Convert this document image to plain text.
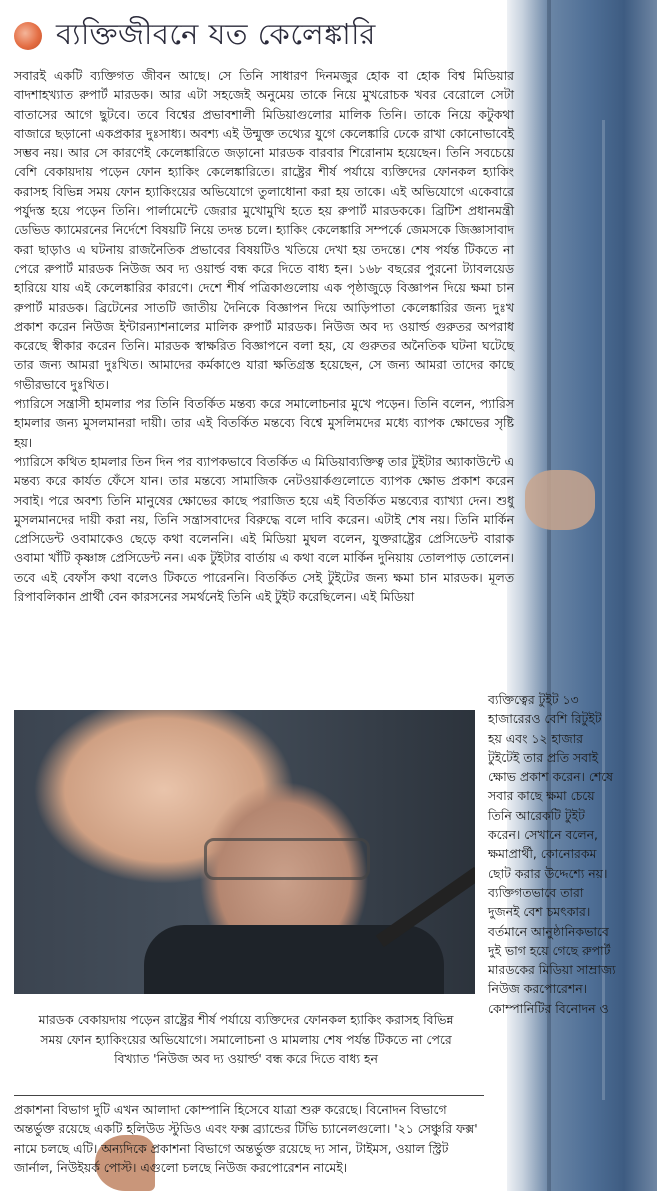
ব্যক্তিজীবনে যত কেলেঙ্কারি

সবারই একটি ব্যক্তিগত জীবন আছে। সে তিনি সাধারণ দিনমজুর হোক বা হোক বিশ্ব মিডিয়ার বাদশাহখ্যাত রুপার্ট মারডক। আর এটা সহজেই অনুমেয় তাকে নিয়ে মুখরোচক খবর বেরোলে সেটা বাতাসের আগে ছুটবে। তবে বিশ্বের প্রভাবশালী মিডিয়াগুলোর মালিক তিনি। তাকে নিয়ে কটুকথা বাজারে ছড়ানো একপ্রকার দুঃসাধ্য। অবশ্য এই উন্মুক্ত তথ্যের যুগে কেলেঙ্কারি ঢেকে রাখা কোনোভাবেই সম্ভব নয়। আর সে কারণেই কেলেঙ্কারিতে জড়ানো মারডক বারবার শিরোনাম হয়েছেন। তিনি সবচেয়ে বেশি বেকায়দায় পড়েন ফোন হ্যাকিং কেলেঙ্কারিতে। রাষ্ট্রের শীর্ষ পর্যায়ে ব্যক্তিদের ফোনকল হ্যাকিং করাসহ বিভিন্ন সময় ফোন হ্যাকিংয়ের অভিযোগে তুলাধোনা করা হয় তাকে। এই অভিযোগে একেবারে পর্যুদস্ত হয়ে পড়েন তিনি। পার্লামেন্টে জেরার মুখোমুখি হতে হয় রুপার্ট মারডককে। ব্রিটিশ প্রধানমন্ত্রী ডেভিড ক্যামেরনের নির্দেশে বিষয়টি নিয়ে তদন্ত চলে। হ্যাকিং কেলেঙ্কারি সম্পর্কে জেমসকে জিজ্ঞাসাবাদ করা ছাড়াও এ ঘটনায় রাজনৈতিক প্রভাবের বিষয়টিও খতিয়ে দেখা হয় তদন্তে। শেষ পর্যন্ত টিকতে না পেরে রুপার্ট মারডক নিউজ অব দ্য ওয়ার্ল্ড বন্ধ করে দিতে বাধ্য হন। ১৬৮ বছরের পুরনো ট্যাবলয়েড হারিয়ে যায় এই কেলেঙ্কারির কারণে। দেশে শীর্ষ পত্রিকাগুলোয় এক পৃষ্ঠাজুড়ে বিজ্ঞাপন দিয়ে ক্ষমা চান রুপার্ট মারডক। ব্রিটেনের সাতটি জাতীয় দৈনিকে বিজ্ঞাপন দিয়ে আড়িপাতা কেলেঙ্কারির জন্য দুঃখ প্রকাশ করেন নিউজ ইন্টারন্যাশনালের মালিক রুপার্ট মারডক। নিউজ অব দ্য ওয়ার্ল্ড গুরুতর অপরাধ করেছে স্বীকার করেন তিনি। মারডক স্বাক্ষরিত বিজ্ঞাপনে বলা হয়, যে গুরুতর অনৈতিক ঘটনা ঘটেছে তার জন্য আমরা দুঃখিত। আমাদের কর্মকাণ্ডে যারা ক্ষতিগ্রস্ত হয়েছেন, সে জন্য আমরা তাদের কাছে গভীরভাবে দুঃখিত।

প্যারিসে সন্ত্রাসী হামলার পর তিনি বিতর্কিত মন্তব্য করে সমালোচনার মুখে পড়েন। তিনি বলেন, প্যারিস হামলার জন্য মুসলমানরা দায়ী। তার এই বিতর্কিত মন্তব্যে বিশ্বে মুসলিমদের মধ্যে ব্যাপক ক্ষোভের সৃষ্টি হয়।

প্যারিসে কথিত হামলার তিন দিন পর ব্যাপকভাবে বিতর্কিত এ মিডিয়াব্যক্তিত্ব তার টুইটার অ্যাকাউন্টে এ মন্তব্য করে কার্যত ফেঁসে যান। তার মন্তব্যে সামাজিক নেটওয়ার্কগুলোতে ব্যাপক ক্ষোভ প্রকাশ করেন সবাই। পরে অবশ্য তিনি মানুষের ক্ষোভের কাছে পরাজিত হয়ে এই বিতর্কিত মন্তব্যের ব্যাখ্যা দেন। শুধু মুসলমানদের দায়ী করা নয়, তিনি সন্ত্রাসবাদের বিরুদ্ধে বলে দাবি করেন। এটাই শেষ নয়। তিনি মার্কিন প্রেসিডেন্ট ওবামাকেও ছেড়ে কথা বলেননি। এই মিডিয়া মুঘল বলেন, যুক্তরাষ্ট্রের প্রেসিডেন্ট বারাক ওবামা খাঁটি কৃষ্ণাঙ্গ প্রেসিডেন্ট নন। এক টুইটার বার্তায় এ কথা বলে মার্কিন দুনিয়ায় তোলপাড় তোলেন। তবে এই বেফাঁস কথা বলেও টিকতে পারেননি। বিতর্কিত সেই টুইটের জন্য ক্ষমা চান মারডক। মূলত রিপাবলিকান প্রার্থী বেন কারসনের সমর্থনেই তিনি এই টুইট করেছিলেন। এই মিডিয়া

মারডক বেকায়দায় পড়েন রাষ্ট্রের শীর্ষ পর্যায়ে ব্যক্তিদের ফোনকল হ্যাকিং করাসহ বিভিন্ন সময় ফোন হ্যাকিংয়ের অভিযোগে। সমালোচনা ও মামলায় শেষ পর্যন্ত টিকতে না পেরে বিখ্যাত 'নিউজ অব দ্য ওয়ার্ল্ড' বন্ধ করে দিতে বাধ্য হন

ব্যক্তিত্বের টুইট ১৩ হাজারেরও বেশি রিটুইট হয় এবং ১২ হাজার টুইটেই তার প্রতি সবাই ক্ষোভ প্রকাশ করেন। শেষে সবার কাছে ক্ষমা চেয়ে তিনি আরেকটি টুইট করেন। সেখানে বলেন, ক্ষমাপ্রার্থী, কোনোরকম ছোট করার উদ্দেশ্যে নয়। ব্যক্তিগতভাবে তারা দুজনই বেশ চমৎকার। বর্তমানে আনুষ্ঠানিকভাবে দুই ভাগ হয়ে গেছে রুপার্ট মারডকের মিডিয়া সাম্রাজ্য নিউজ করপোরেশন। কোম্পানিটির বিনোদন ও

প্রকাশনা বিভাগ দুটি এখন আলাদা কোম্পানি হিসেবে যাত্রা শুরু করেছে। বিনোদন বিভাগে অন্তর্ভুক্ত রয়েছে একটি হলিউড স্টুডিও এবং ফক্স ব্র্যান্ডের টিভি চ্যানেলগুলো। '২১ সেঞ্চুরি ফক্স' নামে চলছে এটি। অন্যদিকে প্রকাশনা বিভাগে অন্তর্ভুক্ত রয়েছে দ্য সান, টাইমস, ওয়াল স্ট্রিট জার্নাল, নিউইয়র্ক পোস্ট। এগুলো চলছে নিউজ করপোরেশন নামেই।
